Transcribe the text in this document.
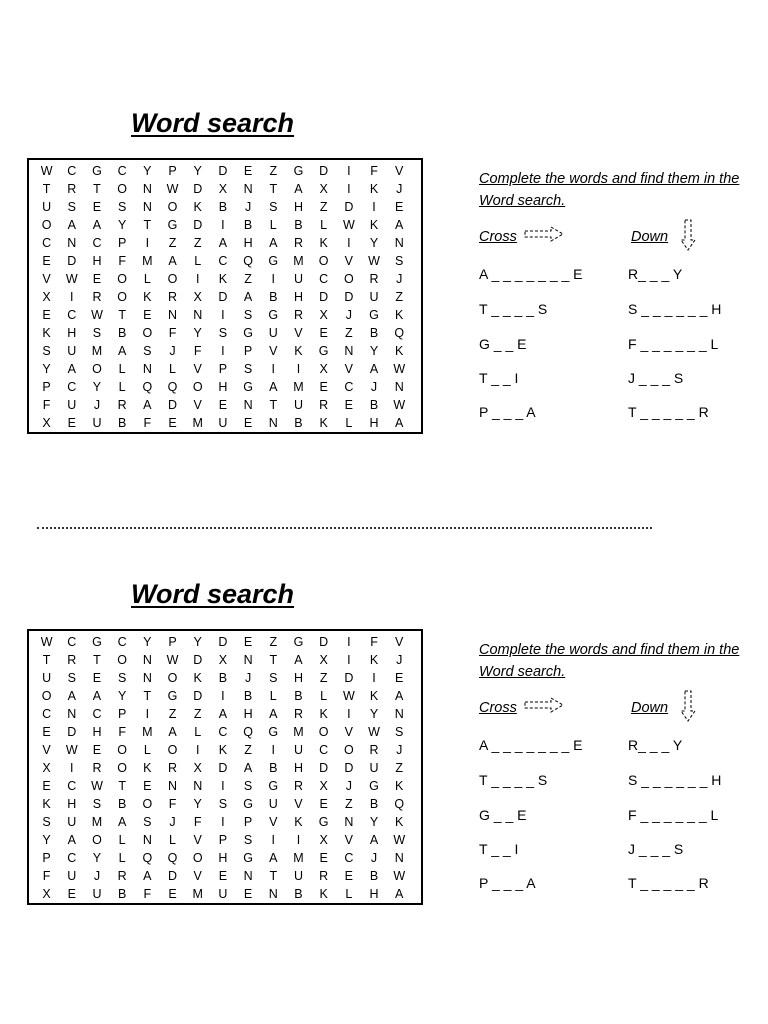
Word search
W	C	G	C	Y	P	Y	D	E	Z	G	D	I	F	V
T	R	T	O	N	W	D	X	N	T	A	X	I	K	J
U	S	E	S	N	O	K	B	J	S	H	Z	D	I	E
O	A	A	Y	T	G	D	I	B	L	B	L	W	K	A
C	N	C	P	I	Z	Z	A	H	A	R	K	I	Y	N
E	D	H	F	M	A	L	C	Q	G	M	O	V	W	S
V	W	E	O	L	O	I	K	Z	I	U	C	O	R	J
X	I	R	O	K	R	X	D	A	B	H	D	D	U	Z
E	C	W	T	E	N	N	I	S	G	R	X	J	G	K
K	H	S	B	O	F	Y	S	G	U	V	E	Z	B	Q
S	U	M	A	S	J	F	I	P	V	K	G	N	Y	K
Y	A	O	L	N	L	V	P	S	I	I	X	V	A	W
P	C	Y	L	Q	Q	O	H	G	A	M	E	C	J	N
F	U	J	R	A	D	V	E	N	T	U	R	E	B	W
X	E	U	B	F	E	M	U	E	N	B	K	L	H	A

Complete the words and find them in the Word search.

Cross	Down
A _ _ _ _ _ _ _ E
T _ _ _ _ S
G _ _ E
T _ _ I
P _ _ _ A
R_ _ _ Y
S _ _ _ _ _ _ H
F _ _ _ _ _ _ L
J _ _ _ S
T _ _ _ _ _ R
Word search
W	C	G	C	Y	P	Y	D	E	Z	G	D	I	F	V
T	R	T	O	N	W	D	X	N	T	A	X	I	K	J
U	S	E	S	N	O	K	B	J	S	H	Z	D	I	E
O	A	A	Y	T	G	D	I	B	L	B	L	W	K	A
C	N	C	P	I	Z	Z	A	H	A	R	K	I	Y	N
E	D	H	F	M	A	L	C	Q	G	M	O	V	W	S
V	W	E	O	L	O	I	K	Z	I	U	C	O	R	J
X	I	R	O	K	R	X	D	A	B	H	D	D	U	Z
E	C	W	T	E	N	N	I	S	G	R	X	J	G	K
K	H	S	B	O	F	Y	S	G	U	V	E	Z	B	Q
S	U	M	A	S	J	F	I	P	V	K	G	N	Y	K
Y	A	O	L	N	L	V	P	S	I	I	X	V	A	W
P	C	Y	L	Q	Q	O	H	G	A	M	E	C	J	N
F	U	J	R	A	D	V	E	N	T	U	R	E	B	W
X	E	U	B	F	E	M	U	E	N	B	K	L	H	A

Complete the words and find them in the Word search.

Cross	Down
A _ _ _ _ _ _ _ E
T _ _ _ _ S
G _ _ E
T _ _ I
P _ _ _ A
R_ _ _ Y
S _ _ _ _ _ _ H
F _ _ _ _ _ _ L
J _ _ _ S
T _ _ _ _ _ R
